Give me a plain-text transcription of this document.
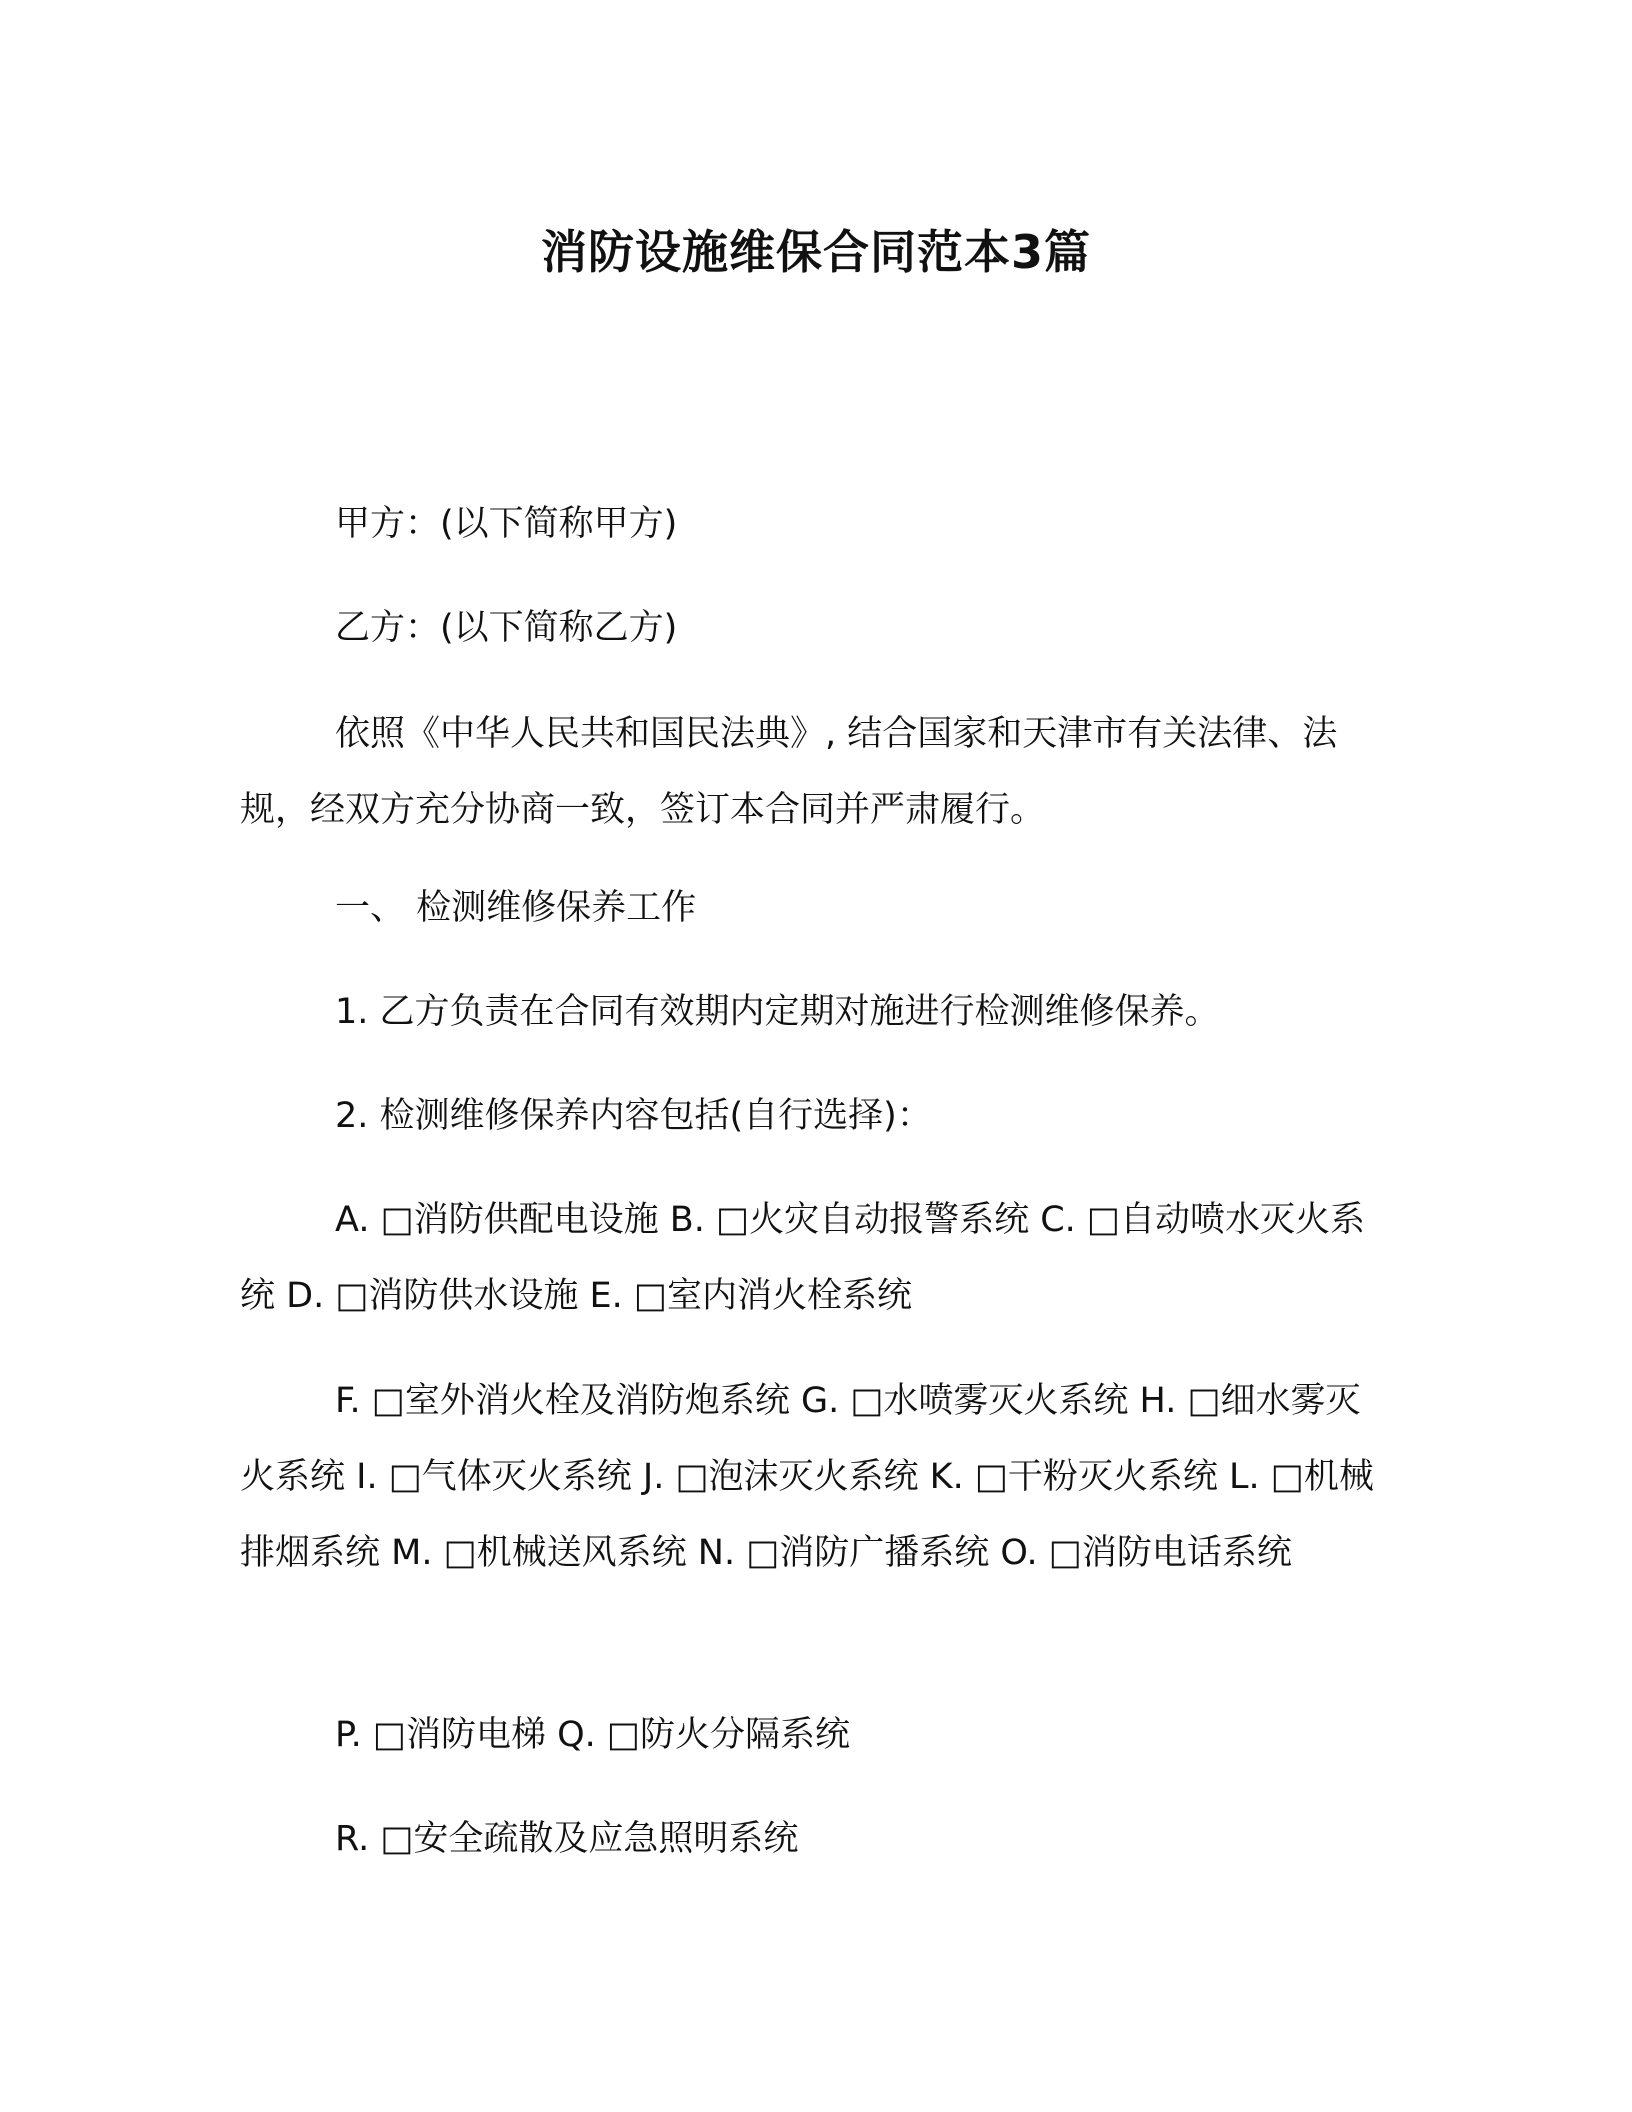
消防设施维保合同范本3篇
甲方：(以下简称甲方)
乙方：(以下简称乙方)
依照《中华人民共和国民法典》, 结合国家和天津市有关法律、法规，经双方充分协商一致，签订本合同并严肃履行。
一、 检测维修保养工作
1. 乙方负责在合同有效期内定期对施进行检测维修保养。
2. 检测维修保养内容包括(自行选择)：
A. □消防供配电设施 B. □火灾自动报警系统 C. □自动喷水灭火系统 D. □消防供水设施 E. □室内消火栓系统
F. □室外消火栓及消防炮系统 G. □水喷雾灭火系统 H. □细水雾灭火系统 I. □气体灭火系统 J. □泡沫灭火系统 K. □干粉灭火系统 L. □机械排烟系统 M. □机械送风系统 N. □消防广播系统 O. □消防电话系统
P. □消防电梯 Q. □防火分隔系统
R. □安全疏散及应急照明系统
